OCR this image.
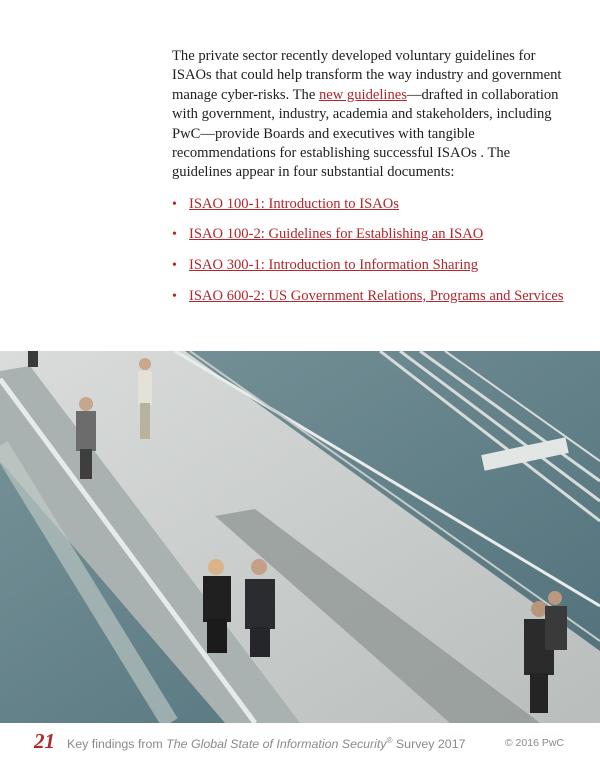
The private sector recently developed voluntary guidelines for ISAOs that could help transform the way industry and government manage cyber-risks. The new guidelines—drafted in collaboration with government, industry, academia and stakeholders, including PwC—provide Boards and executives with tangible recommendations for establishing successful ISAOs . The guidelines appear in four substantial documents:

• ISAO 100-1: Introduction to ISAOs
• ISAO 100-2: Guidelines for Establishing an ISAO
• ISAO 300-1: Introduction to Information Sharing
• ISAO 600-2: US Government Relations, Programs and Services
21 Key findings from The Global State of Information Security® Survey 2017	© 2016 PwC
